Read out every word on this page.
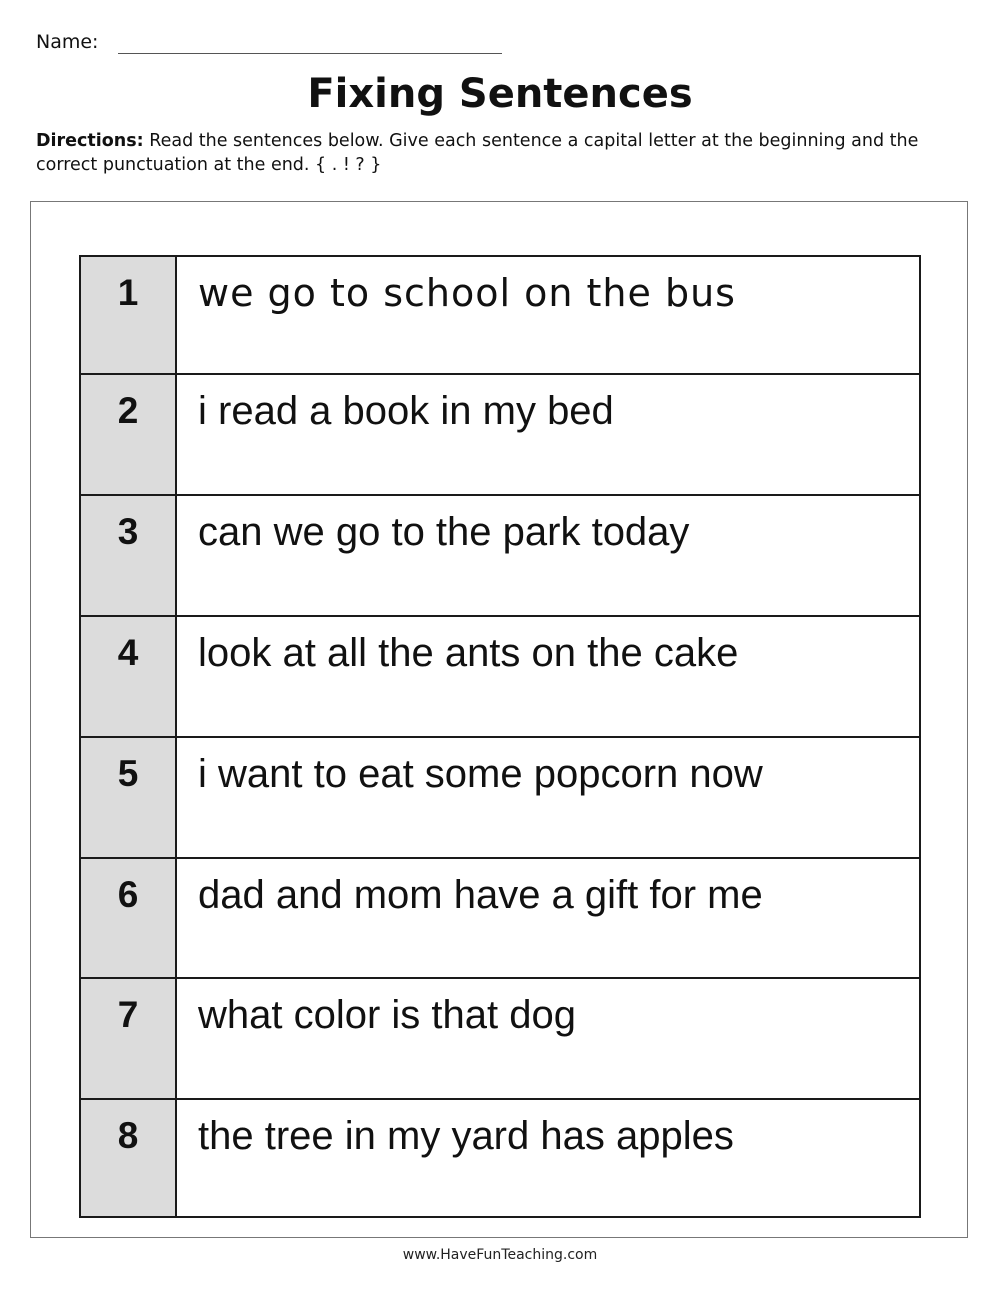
Name:
Fixing Sentences
Directions: Read the sentences below. Give each sentence a capital letter at the beginning and the correct punctuation at the end. { . ! ? }
1	we go to school on the bus
2	i read a book in my bed
3	can we go to the park today
4	look at all the ants on the cake
5	i want to eat some popcorn now
6	dad and mom have a gift for me
7	what color is that dog
8	the tree in my yard has apples
www.HaveFunTeaching.com
